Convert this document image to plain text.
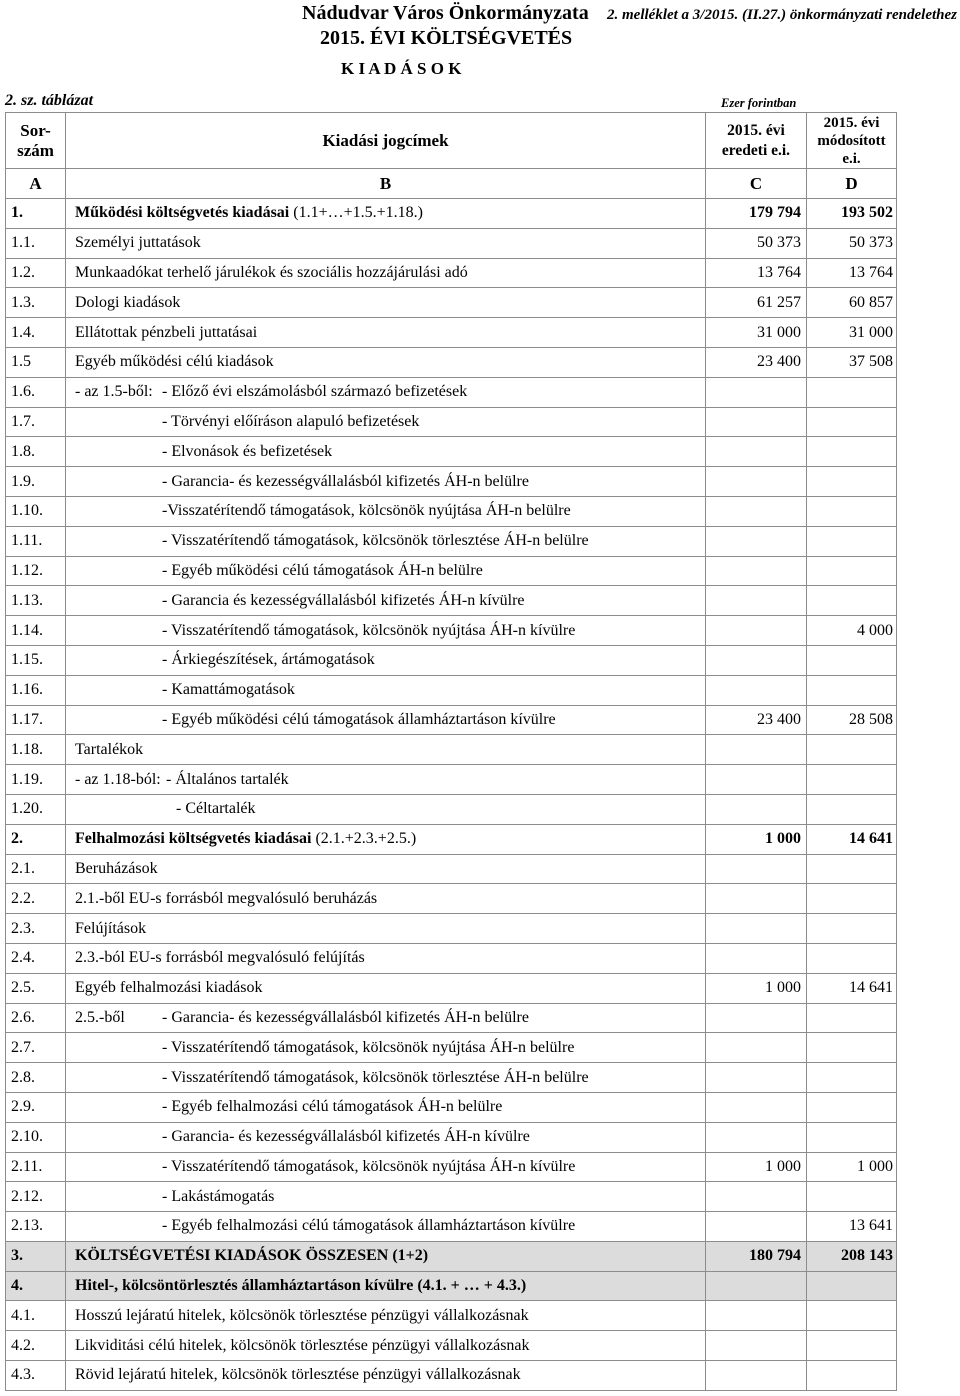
2. melléklet a 3/2015. (II.27.) önkormányzati rendelethez
Nádudvar Város Önkormányzata
2015. ÉVI KÖLTSÉGVETÉS
K I A D Á S O K
2. sz. táblázat	Ezer forintban
Sor-
szám	Kiadási jogcímek	2015. évi
eredeti e.i.	2015. évi
módosított
e.i.

A	B	C	D
1.	Működési költségvetés kiadásai (1.1+…+1.5.+1.18.)	179 794	193 502
1.1.	Személyi juttatások	50 373	50 373
1.2.	Munkaadókat terhelő járulékok és szociális hozzájárulási adó	13 764	13 764
1.3.	Dologi kiadások	61 257	60 857
1.4.	Ellátottak pénzbeli juttatásai	31 000	31 000
1.5	Egyéb működési célú kiadások	23 400	37 508
1.6.	- az 1.5-ből: - Előző évi elszámolásból származó befizetések		
1.7.	- Törvényi előíráson alapuló befizetések		
1.8.	- Elvonások és befizetések		
1.9.	- Garancia- és kezességvállalásból kifizetés ÁH-n belülre		
1.10.	-Visszatérítendő támogatások, kölcsönök nyújtása ÁH-n belülre		
1.11.	- Visszatérítendő támogatások, kölcsönök törlesztése ÁH-n belülre		
1.12.	- Egyéb működési célú támogatások ÁH-n belülre		
1.13.	- Garancia és kezességvállalásból kifizetés ÁH-n kívülre		
1.14.	- Visszatérítendő támogatások, kölcsönök nyújtása ÁH-n kívülre		4 000
1.15.	- Árkiegészítések, ártámogatások		
1.16.	- Kamattámogatások		
1.17.	- Egyéb működési célú támogatások államháztartáson kívülre	23 400	28 508
1.18.	Tartalékok		
1.19.	- az 1.18-ból: - Általános tartalék		
1.20.	- Céltartalék		
2.	Felhalmozási költségvetés kiadásai (2.1.+2.3.+2.5.)	1 000	14 641
2.1.	Beruházások		
2.2.	2.1.-ből EU-s forrásból megvalósuló beruházás		
2.3.	Felújítások		
2.4.	2.3.-ból EU-s forrásból megvalósuló felújítás		
2.5.	Egyéb felhalmozási kiadások	1 000	14 641
2.6.	2.5.-ből - Garancia- és kezességvállalásból kifizetés ÁH-n belülre		
2.7.	- Visszatérítendő támogatások, kölcsönök nyújtása ÁH-n belülre		
2.8.	- Visszatérítendő támogatások, kölcsönök törlesztése ÁH-n belülre		
2.9.	- Egyéb felhalmozási célú támogatások ÁH-n belülre		
2.10.	- Garancia- és kezességvállalásból kifizetés ÁH-n kívülre		
2.11.	- Visszatérítendő támogatások, kölcsönök nyújtása ÁH-n kívülre	1 000	1 000
2.12.	- Lakástámogatás		
2.13.	- Egyéb felhalmozási célú támogatások államháztartáson kívülre		13 641
3.	KÖLTSÉGVETÉSI KIADÁSOK ÖSSZESEN (1+2)	180 794	208 143
4.	Hitel-, kölcsöntörlesztés államháztartáson kívülre (4.1. + … + 4.3.)		
4.1.	Hosszú lejáratú hitelek, kölcsönök törlesztése pénzügyi vállalkozásnak		
4.2.	Likviditási célú hitelek, kölcsönök törlesztése pénzügyi vállalkozásnak		
4.3.	Rövid lejáratú hitelek, kölcsönök törlesztése pénzügyi vállalkozásnak		
